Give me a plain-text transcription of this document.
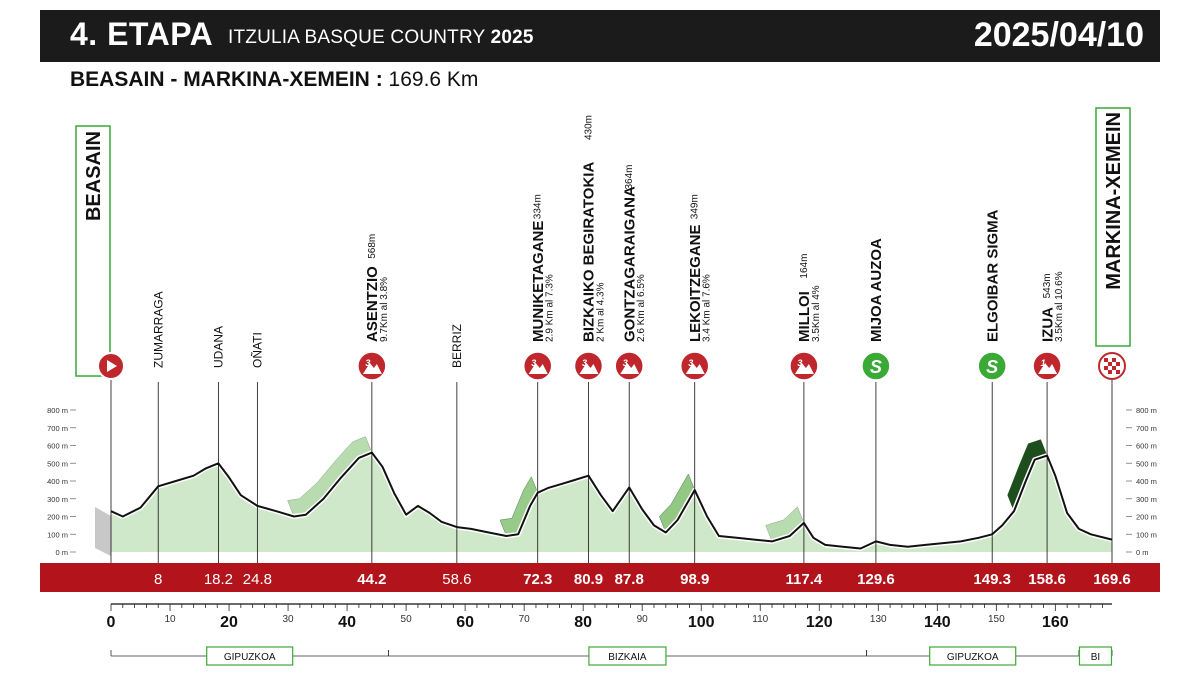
4. ETAPA ITZULIA BASQUE COUNTRY 2025	2025/04/10
BEASAIN - MARKINA-XEMEIN : 169.6 Km
0 m	0 m
100 m	100 m
200 m	200 m
300 m	300 m
400 m	400 m
500 m	500 m
600 m	600 m
700 m	700 m
800 m	800 m
8	18.2 24.8	44.2	58.6	72.3 80.9 87.8 98.9	117.4 129.6	149.3 158.6 169.6
0	20	40	60	80	100	120	140	160
10	30	50	70	90	110	130	150
GIPUZKOA	BIZKAIA	GIPUZKOA	BI
BEASAIN
ZUMARRAGA	UDANA OÑATI	3
ASENTZIO
568m
9.7Km al 3.8%
BERRIZ	3
MUNIKETAGANE
334m
2.9 Km al 7.3%
3
BIZKAIKO BEGIRATOKIA
430m
2 Km al 4.3%
3
GONTZAGARAIGANA
364m
2.6 Km al 6.5%
3
LEKOITZEGANE
349m
3.4 Km al 7.6%
3
MILLOI
164m
3.5Km al 4%
S
MIJOA AUZOA
S
ELGOIBAR SIGMA
1
IZUA
543m 3.5Km al 10.6%
MARKINA-XEMEIN
